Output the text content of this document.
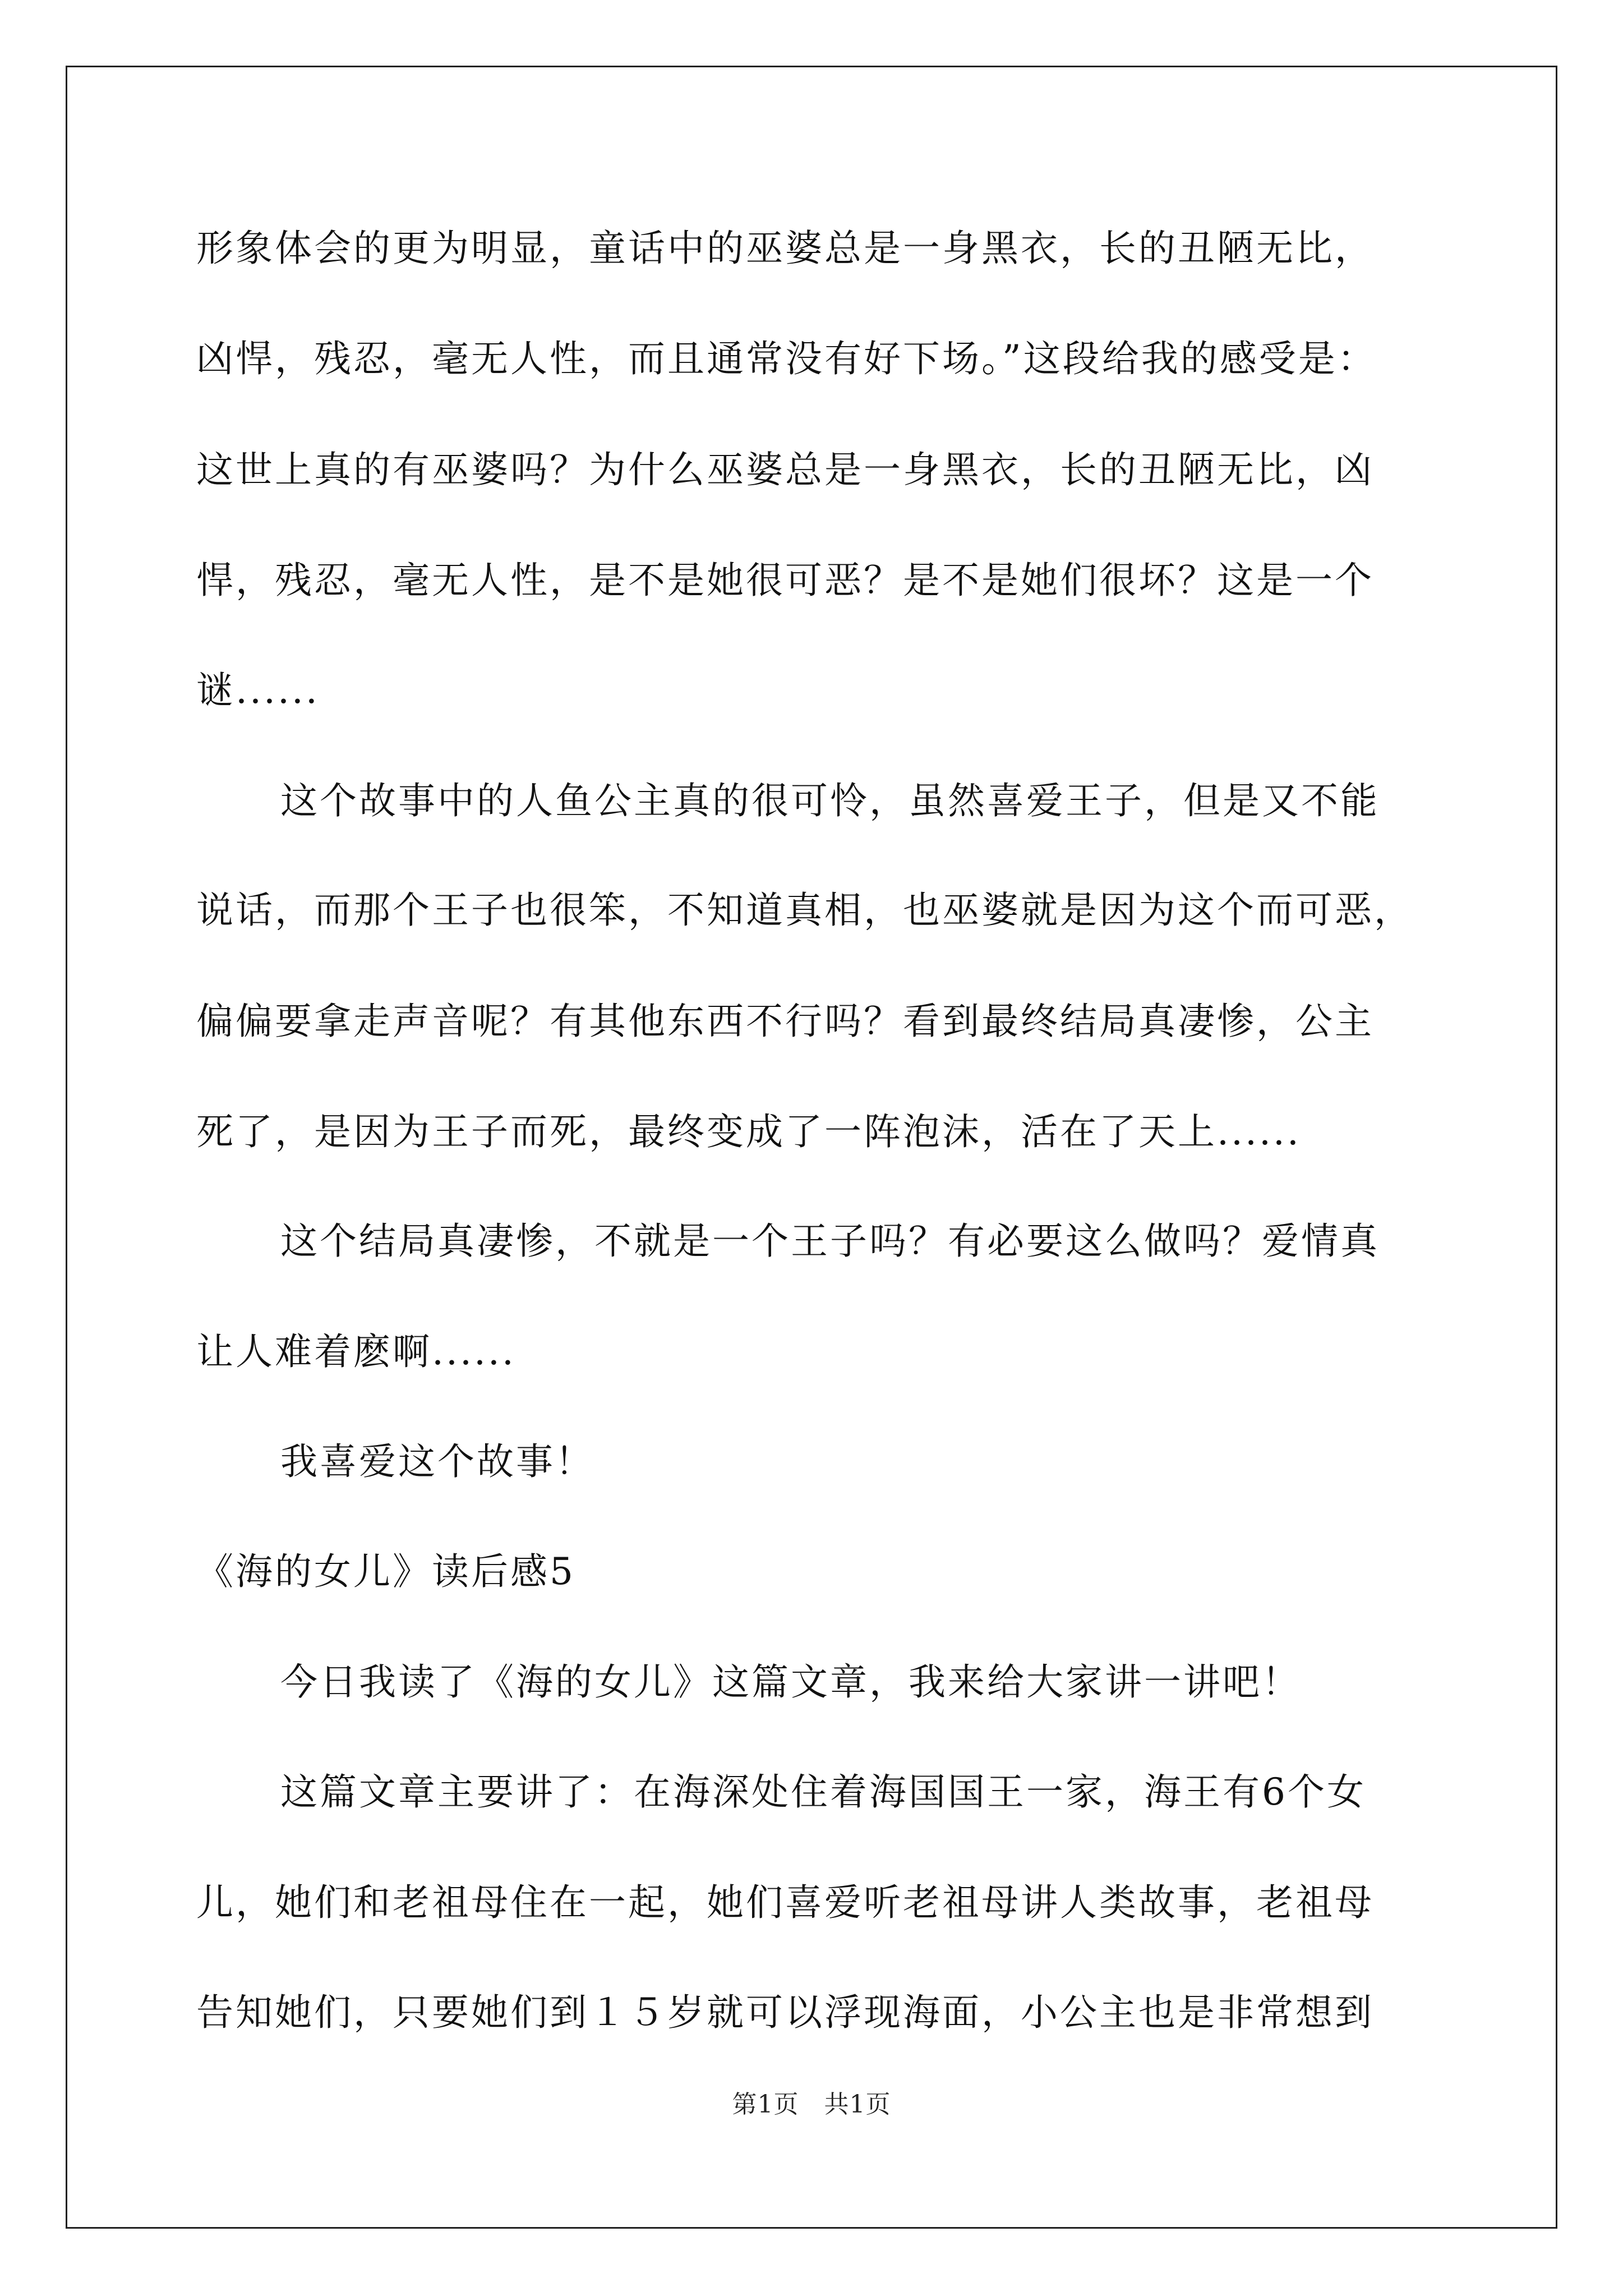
形象体会的更为明显，童话中的巫婆总是一身黑衣，长的丑陋无比，
凶悍，残忍，毫无人性，而且通常没有好下场。”这段给我的感受是：
这世上真的有巫婆吗？为什么巫婆总是一身黑衣，长的丑陋无比，凶
悍，残忍，毫无人性，是不是她很可恶？是不是她们很坏？这是一个
谜......
这个故事中的人鱼公主真的很可怜，虽然喜爱王子，但是又不能
说话，而那个王子也很笨，不知道真相，也巫婆就是因为这个而可恶，
偏偏要拿走声音呢？有其他东西不行吗？看到最终结局真凄惨，公主
死了，是因为王子而死，最终变成了一阵泡沫，活在了天上......
这个结局真凄惨，不就是一个王子吗？有必要这么做吗？爱情真
让人难着麽啊......
我喜爱这个故事！
《海的女儿》读后感5
今日我读了《海的女儿》这篇文章，我来给大家讲一讲吧！
这篇文章主要讲了：在海深处住着海国国王一家，海王有6个女
儿，她们和老祖母住在一起，她们喜爱听老祖母讲人类故事，老祖母
告知她们，只要她们到１５岁就可以浮现海面，小公主也是非常想到
第1页　共1页
